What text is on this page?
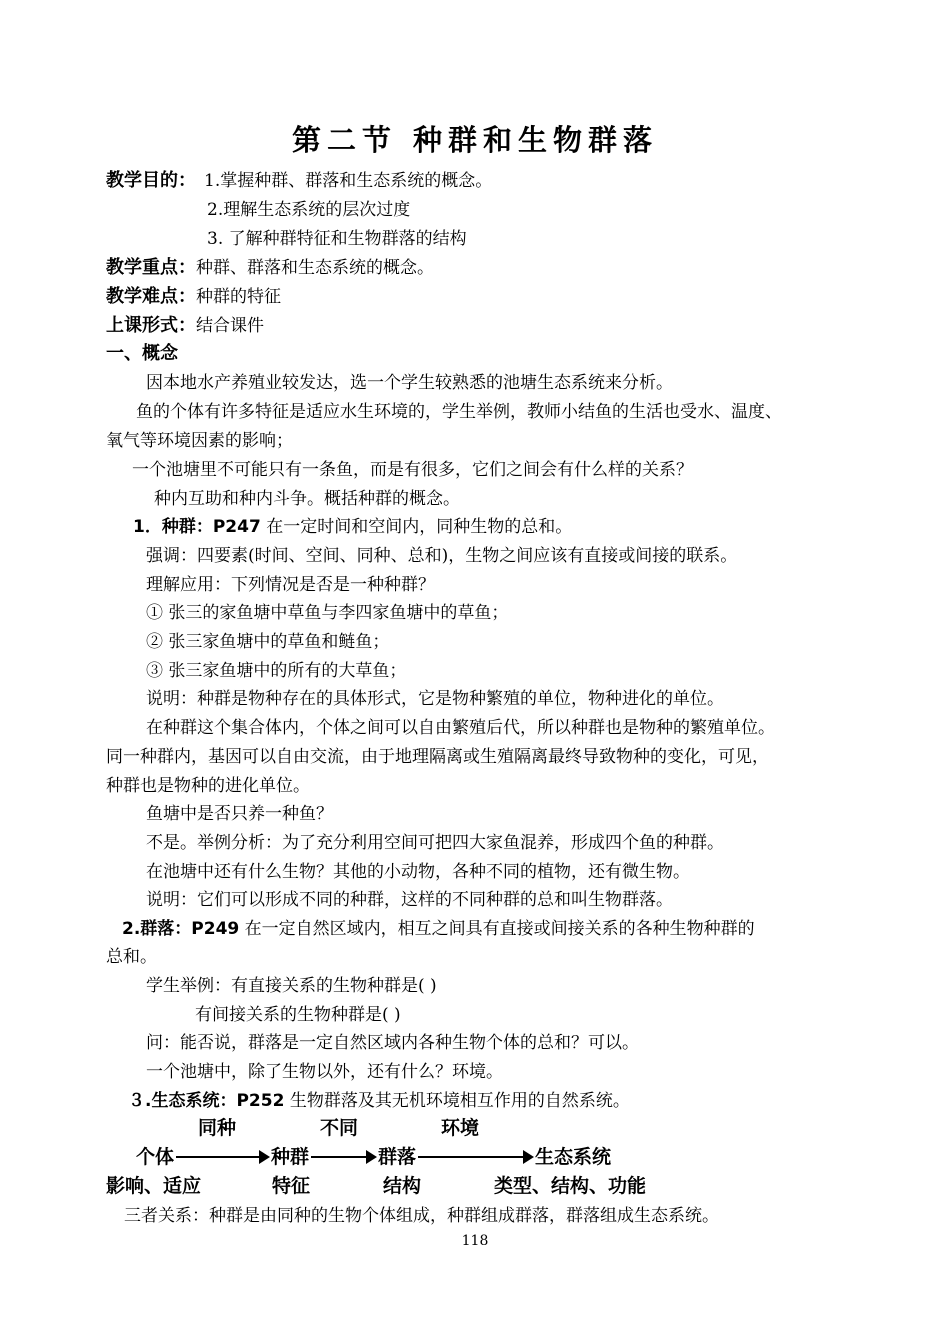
第二节 种群和生物群落
教学目的： 1.掌握种群、群落和生态系统的概念。
2.理解生态系统的层次过度
3. 了解种群特征和生物群落的结构
教学重点：种群、群落和生态系统的概念。
教学难点：种群的特征
上课形式：结合课件
一、概念
因本地水产养殖业较发达，选一个学生较熟悉的池塘生态系统来分析。
鱼的个体有许多特征是适应水生环境的，学生举例，教师小结鱼的生活也受水、温度、
氧气等环境因素的影响；
一个池塘里不可能只有一条鱼，而是有很多，它们之间会有什么样的关系？
种内互助和种内斗争。概括种群的概念。
1．种群：P247 在一定时间和空间内，同种生物的总和。
强调：四要素(时间、空间、同种、总和)，生物之间应该有直接或间接的联系。
理解应用：下列情况是否是一种种群？
① 张三的家鱼塘中草鱼与李四家鱼塘中的草鱼；
② 张三家鱼塘中的草鱼和鲢鱼；
③ 张三家鱼塘中的所有的大草鱼；
说明：种群是物种存在的具体形式，它是物种繁殖的单位，物种进化的单位。
在种群这个集合体内，个体之间可以自由繁殖后代，所以种群也是物种的繁殖单位。
同一种群内，基因可以自由交流，由于地理隔离或生殖隔离最终导致物种的变化，可见，
种群也是物种的进化单位。
鱼塘中是否只养一种鱼？
不是。举例分析：为了充分利用空间可把四大家鱼混养，形成四个鱼的种群。
在池塘中还有什么生物？其他的小动物，各种不同的植物，还有微生物。
说明：它们可以形成不同的种群，这样的不同种群的总和叫生物群落。
2.群落：P249 在一定自然区域内，相互之间具有直接或间接关系的各种生物种群的
总和。
学生举例：有直接关系的生物种群是( )
有间接关系的生物种群是( )
问：能否说，群落是一定自然区域内各种生物个体的总和？可以。
一个池塘中，除了生物以外，还有什么？环境。
３.生态系统：P252 生物群落及其无机环境相互作用的自然系统。
同种	不同	环境
个体	种群	群落	生态系统
影响、适应	特征	结构	类型、结构、功能
三者关系：种群是由同种的生物个体组成，种群组成群落，群落组成生态系统。
118
